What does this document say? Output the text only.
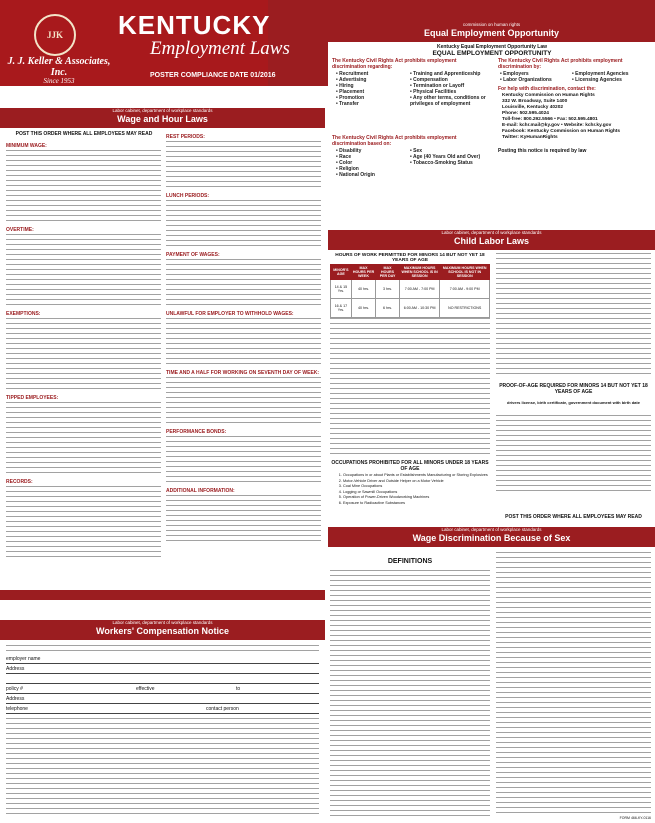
JJK
J. J. Keller & Associates, Inc.
Since 1953
KENTUCKY
Employment Laws
POSTER COMPLIANCE DATE 01/2016
commission on human rights
Equal Employment Opportunity
Kentucky Equal Employment Opportunity Law
EQUAL EMPLOYMENT OPPORTUNITY
The Kentucky Civil Rights Act prohibits employment discrimination regarding:
• Recruitment
• Advertising
• Hiring
• Placement
• Promotion
• Transfer
• Training and Apprenticeship
• Compensation
• Termination or Layoff
• Physical Facilities
• Any other terms, conditions or privileges of employment
The Kentucky Civil Rights Act prohibits employment discrimination based on:
• Disability
• Race
• Color
• Religion
• National Origin
• Sex
• Age (40 Years Old and Over)
• Tobacco-Smoking Status
The Kentucky Civil Rights Act prohibits employment discrimination by:
• Employers
• Labor Organizations
• Employment Agencies
• Licensing Agencies
For help with discrimination, contact the:
Kentucky Commission on Human Rights
332 W. Broadway, Suite 1400
Louisville, Kentucky 40202
Phone: 502.595.4024
Toll-free: 800.292.5566 • Fax: 502.595.4801
E-mail: kchr.mail@ky.gov • Website: kchr.ky.gov
Facebook: Kentucky Commission on Human Rights
Twitter: KyHumanRights
Posting this notice is required by law
Labor cabinet, department of workplace standards
Wage and Hour Laws
POST THIS ORDER WHERE ALL EMPLOYEES MAY READ
MINIMUM WAGE:
OVERTIME:
EXEMPTIONS:
TIPPED EMPLOYEES:
RECORDS:
REST PERIODS:
LUNCH PERIODS:
PAYMENT OF WAGES:
UNLAWFUL FOR EMPLOYER TO WITHHOLD WAGES:
TIME AND A HALF FOR WORKING ON SEVENTH DAY OF WEEK:
PERFORMANCE BONDS:
ADDITIONAL INFORMATION:
Labor cabinet, department of workplace standards
Child Labor Laws
HOURS OF WORK PERMITTED FOR MINORS 14 BUT NOT YET 18 YEARS OF AGE
MINOR'S AGE	MAX HOURS PER WEEK	MAX HOURS PER DAY	MAXIMUM HOURS WHEN SCHOOL IS IN SESSION	MAXIMUM HOURS WHEN SCHOOL IS NOT IN SESSION
14 & 15 Yrs.	40 hrs.	3 hrs.	7:00 AM - 7:00 PM	7:00 AM - 9:00 PM
16 & 17 Yrs.	40 hrs.	6 hrs.	6:00 AM - 10:30 PM	NO RESTRICTIONS
OCCUPATIONS PROHIBITED FOR ALL MINORS UNDER 18 YEARS OF AGE
1. Occupations in or about Plants or Establishments Manufacturing or Storing Explosives
2. Motor-Vehicle Driver and Outside Helper on a Motor Vehicle
3. Coal Mine Occupations
4. Logging or Sawmill Occupations
5. Operation of Power-Driven Woodworking Machines
6. Exposure to Radioactive Substances
PROOF-OF-AGE REQUIRED FOR MINORS 14 BUT NOT YET 18 YEARS OF AGE
drivers license, birth certificate, government document with birth date
POST THIS ORDER WHERE ALL EMPLOYEES MAY READ
Labor cabinet, department of workplace standards
Wage Discrimination Because of Sex
DEFINITIONS
Labor cabinet, department of workplace standards
Workers' Compensation Notice
employer name
Address
policy #	effective	to
Address
telephone	contact person
FORM 466-KY-0116
